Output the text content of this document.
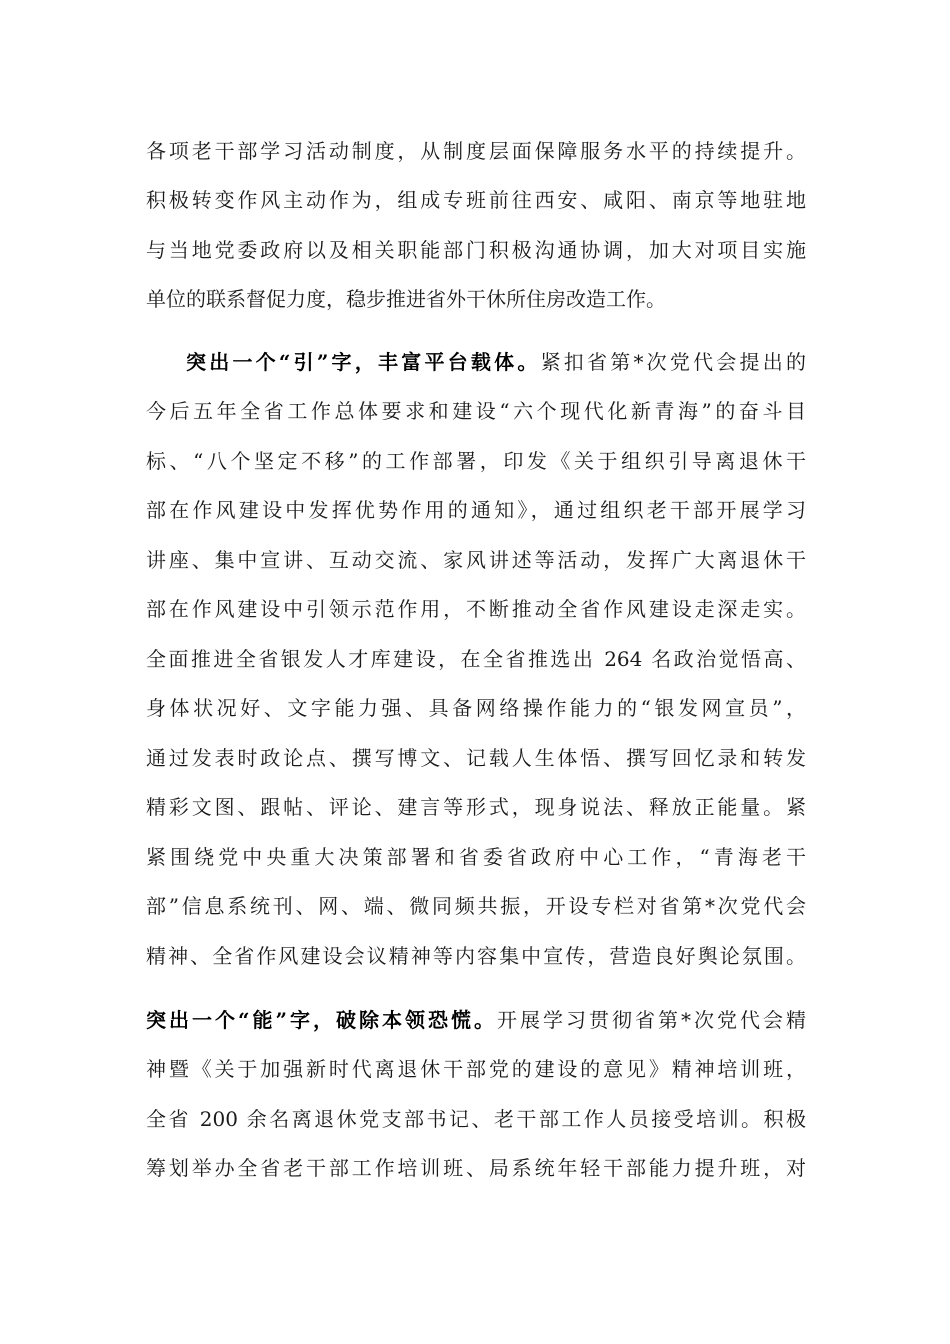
各项老干部学习活动制度，从制度层面保障服务水平的持续提升。
积极转变作风主动作为，组成专班前往西安、咸阳、南京等地驻地
与当地党委政府以及相关职能部门积极沟通协调，加大对项目实施
单位的联系督促力度，稳步推进省外干休所住房改造工作。
突出一个“引”字，丰富平台载体。紧扣省第*次党代会提出的
今后五年全省工作总体要求和建设“六个现代化新青海”的奋斗目
标、“八个坚定不移”的工作部署，印发《关于组织引导离退休干
部在作风建设中发挥优势作用的通知》，通过组织老干部开展学习
讲座、集中宣讲、互动交流、家风讲述等活动，发挥广大离退休干
部在作风建设中引领示范作用，不断推动全省作风建设走深走实。
全面推进全省银发人才库建设，在全省推选出 264 名政治觉悟高、
身体状况好、文字能力强、具备网络操作能力的“银发网宣员”，
通过发表时政论点、撰写博文、记载人生体悟、撰写回忆录和转发
精彩文图、跟帖、评论、建言等形式，现身说法、释放正能量。紧
紧围绕党中央重大决策部署和省委省政府中心工作，“青海老干
部”信息系统刊、网、端、微同频共振，开设专栏对省第*次党代会
精神、全省作风建设会议精神等内容集中宣传，营造良好舆论氛围。
突出一个“能”字，破除本领恐慌。开展学习贯彻省第*次党代会精
神暨《关于加强新时代离退休干部党的建设的意见》精神培训班，
全省 200 余名离退休党支部书记、老干部工作人员接受培训。积极
筹划举办全省老干部工作培训班、局系统年轻干部能力提升班，对
